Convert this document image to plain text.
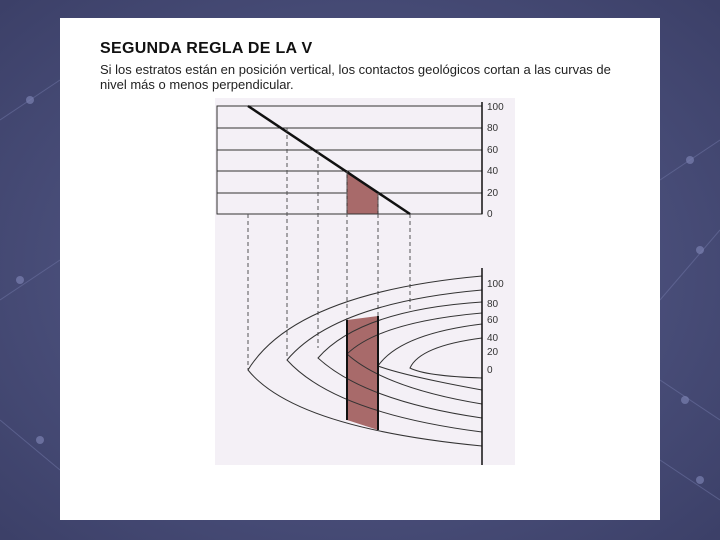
SEGUNDA REGLA DE LA V

Si los estratos están en posición vertical, los contactos geológicos cortan a las curvas de nivel más o menos perpendicular.

100
80
60
40
20
0
100
80
60
40
20
0
